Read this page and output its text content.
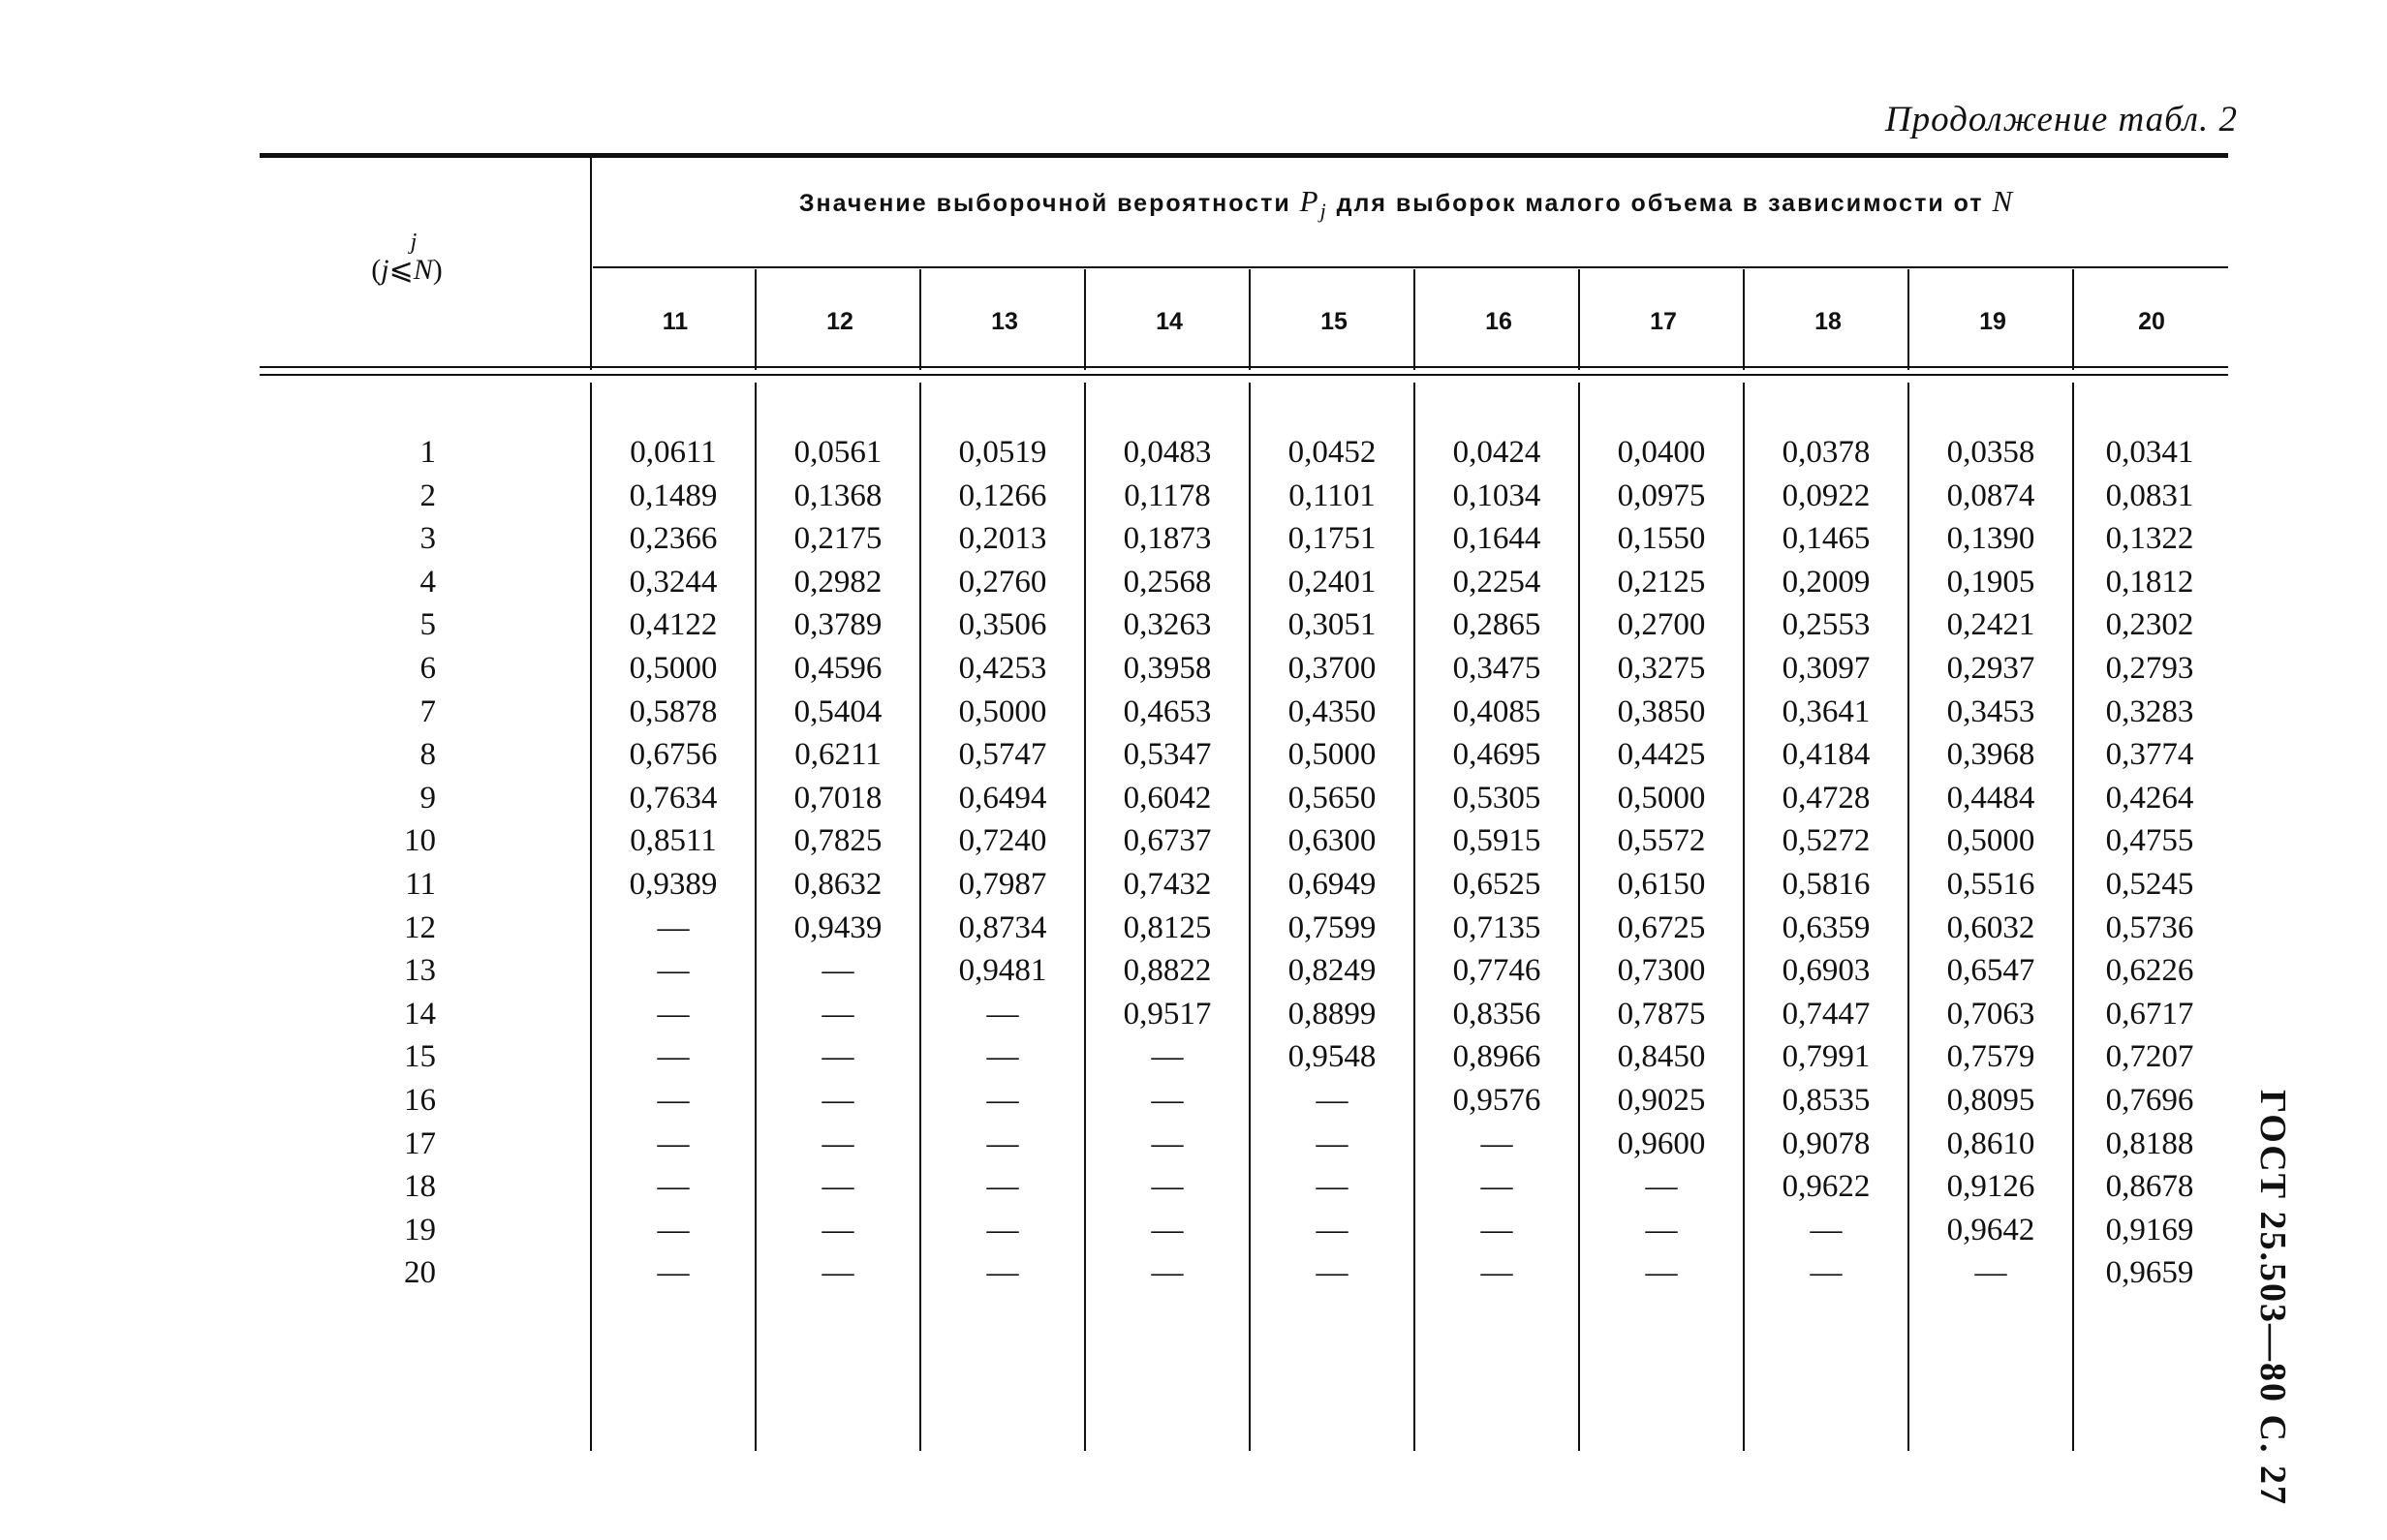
Продолжение табл. 2
Значение выборочной вероятности Pj для выборок малого объема в зависимости от N
j
(j⩽N)
11	12	13	14	15	16	17	18	19	20
1	0,0611	0,0561	0,0519	0,0483	0,0452	0,0424	0,0400	0,0378	0,0358	0,0341
2	0,1489	0,1368	0,1266	0,1178	0,1101	0,1034	0,0975	0,0922	0,0874	0,0831
3	0,2366	0,2175	0,2013	0,1873	0,1751	0,1644	0,1550	0,1465	0,1390	0,1322
4	0,3244	0,2982	0,2760	0,2568	0,2401	0,2254	0,2125	0,2009	0,1905	0,1812
5	0,4122	0,3789	0,3506	0,3263	0,3051	0,2865	0,2700	0,2553	0,2421	0,2302
6	0,5000	0,4596	0,4253	0,3958	0,3700	0,3475	0,3275	0,3097	0,2937	0,2793
7	0,5878	0,5404	0,5000	0,4653	0,4350	0,4085	0,3850	0,3641	0,3453	0,3283
8	0,6756	0,6211	0,5747	0,5347	0,5000	0,4695	0,4425	0,4184	0,3968	0,3774
9	0,7634	0,7018	0,6494	0,6042	0,5650	0,5305	0,5000	0,4728	0,4484	0,4264
10	0,8511	0,7825	0,7240	0,6737	0,6300	0,5915	0,5572	0,5272	0,5000	0,4755
11	0,9389	0,8632	0,7987	0,7432	0,6949	0,6525	0,6150	0,5816	0,5516	0,5245
12	—	0,9439	0,8734	0,8125	0,7599	0,7135	0,6725	0,6359	0,6032	0,5736
13	—	—	0,9481	0,8822	0,8249	0,7746	0,7300	0,6903	0,6547	0,6226
14	—	—	—	0,9517	0,8899	0,8356	0,7875	0,7447	0,7063	0,6717
15	—	—	—	—	0,9548	0,8966	0,8450	0,7991	0,7579	0,7207
16	—	—	—	—	—	0,9576	0,9025	0,8535	0,8095	0,7696
17	—	—	—	—	—	—	0,9600	0,9078	0,8610	0,8188
18	—	—	—	—	—	—	—	0,9622	0,9126	0,8678
19	—	—	—	—	—	—	—	—	0,9642	0,9169
20	—	—	—	—	—	—	—	—	—	0,9659	ГОСТ 25.503—80 С. 27
